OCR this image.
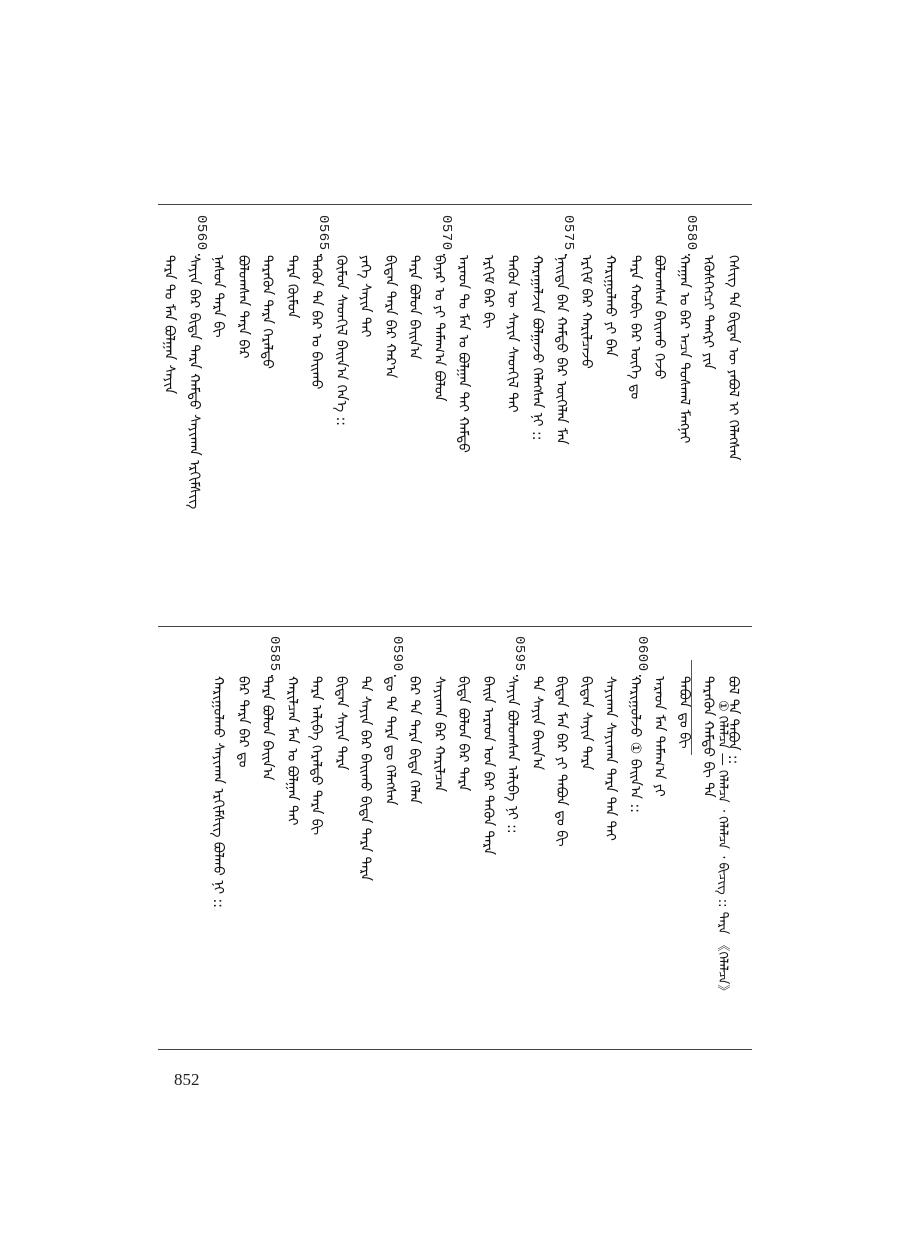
ᠬᠡᠰᠢᠭ ᠲᠡ ᠪᠢᠳᠡᠨ ᠦ ᠶᠠᠪᠤᠯ ᠢ ᠬᠡᠯᠡᠭᠰᠡᠨ
ᠡᠭᠦᠰᠬᠡᠭᠴᠢ ᠲᠡᠩᠷᠢ ᠶᠢᠨ
0580.
ᠬᠠᠭᠠᠨ ᠤ ᠪᠠᠷ ᠠᠴᠠ ᠲᠤᠰᠬᠠᠯ ᠮᠠᠩᠨᠠᠢ
ᠪᠣᠯᠤᠭᠰᠠᠨ ᠪᠠᠢᠬᠤ ᠭᠡᠵᠦ
ᠲᠡᠷᠡ ᠬᠤᠪᠢ ᠪᠠᠷ ᠦᠭᠡ ᠳᠤ
ᠬᠠᠷᠢᠭᠤᠯᠬᠤ ᠶᠢ ᠪᠡᠨ
ᠡᠷᠬᠢᠮ ᠪᠡᠷ ᠬᠠᠷᠢᠯᠴᠠᠵᠤ
0575.
ᠨᠡᠢᠲᠡ ᠪᠡᠨ ᠬᠠᠮᠲᠤ ᠪᠠᠷ ᠦᠭᠡᠯᠡᠨ ᠮᠠᠨ
ᠬᠠᠷᠠᠭᠠᠯᠵᠢᠨ ᠪᠣᠯᠭᠠᠵᠤ ᠬᠡᠯᠡᠭᠰᠡᠨ ᠨᠢ ::
ᠲᠡᠭᠦᠨ ᠦ ᠰᠠᠶᠢᠨ ᠰᠡᠳᠬᠢᠯ ᠲᠡᠢ
ᠡᠷᠬᠢᠮ ᠪᠡᠷ ᠪᠢ
ᠠᠷᠠᠳ ᠲᠤ ᠮᠠᠨ ᠤ ᠪᠣᠯᠭᠠᠨ ᠲᠡᠢ ᠬᠠᠮᠲᠤ
0570.
ᠪᠠᠶᠠᠷ ᠤ ᠶᠢ ᠲᠠᠮᠠᠭ᠎ᠠ ᠪᠣᠯᠤᠨ
ᠲᠡᠷᠡ ᠪᠣᠯᠤᠨ ᠪᠠᠢᠨ᠎ᠠ
ᠪᠢᠳᠡᠨ ᠲᠡᠷᠡ ᠪᠠᠷ ᠬᠠᠷ᠎ᠠ
ᠶᠡᠬᠡ ᠰᠠᠶᠢᠨ ᠲᠡᠢ
ᠬᠦᠮᠦᠨ ᠰᠡᠳᠬᠢᠯ ᠪᠠᠢᠨ᠎ᠠ ᠭᠡᠨ᠎ᠡ ::
0565.
ᠲᠡᠭᠦᠨ ᠲᠡ ᠪᠠᠷ ᠤ ᠪᠠᠢᠬᠤ
ᠲᠡᠷᠡ ᠬᠦᠮᠦᠨ
ᠲᠡᠷᠡᠭᠦᠨ ᠲᠡᠷᠡ ᠭᠡᠷᠡᠯᠲᠦ
ᠪᠣᠯᠤᠭᠰᠠᠨ ᠲᠡᠷᠡ ᠪᠠᠷ
ᠨᠠᠰᠤᠨ ᠲᠡᠷᠡ ᠪᠢ
0560.
ᠰᠠᠶᠢᠨ ᠪᠠᠷ ᠪᠢᠳᠡ ᠲᠡᠷᠡ ᠬᠠᠮᠲᠤ ᠰᠠᠶᠢᠬᠠᠨ ᠡᠷᠬᠢᠮᠰᠢᠭ
ᠲᠡᠷᠡ ᠲᠤ ᠮᠠᠨ ᠪᠣᠯᠭᠠᠨ ᠰᠠᠶᠢᠨ
ᠪᠣᠯ ᠲᠡ ᠲᠠᠪᠤᠨ ::
ᠲᠡᠷᠡᠭᠦᠨ ᠬᠠᠮᠲᠤ ᠪᠢ ᠲᠡ
ᠲᠠᠪᠤᠨ ᠳᠤ ᠪᠢ
ᠠᠷᠠᠳ ᠮᠠᠨ ᠲᠠᠮᠠᠭ᠎ᠠ ᠶᠢ
0600.
ᠬᠠᠷᠢᠭᠤᠯᠵᠤ ① ᠪᠠᠢᠨ᠎ᠠ ::
ᠰᠠᠶᠢᠬᠠᠨ ᠰᠠᠶᠢᠬᠠᠨ ᠲᠡᠷᠡ ᠲᠠᠨ ᠲᠡᠢ
ᠪᠢᠳᠡᠨ ᠰᠠᠶᠢᠨ ᠲᠡᠷᠡ
ᠪᠢᠳᠡᠨ ᠮᠠᠨ ᠪᠠᠷ ᠶᠢ ᠲᠠᠪᠤᠨ ᠳᠤ ᠪᠢ
ᠲᠡ ᠰᠠᠶᠢᠨ ᠪᠠᠢᠨ᠎ᠠ
0595.
ᠰᠠᠶᠢᠨ ᠪᠣᠯᠤᠭᠰᠠᠨ ᠠᠯᠢᠪᠠ ᠨᠢ ::
ᠪᠠᠢᠨ ᠠᠷᠠᠳ ᠤᠨ ᠪᠡᠷ ᠲᠡᠭᠦᠨ ᠲᠡᠷᠡ
ᠪᠢᠳᠡ ᠪᠣᠯᠤᠨ ᠪᠠᠷ ᠲᠡᠷᠡ
ᠰᠠᠶᠢᠬᠠᠨ ᠪᠡᠷ ᠬᠠᠷᠢᠯᠴᠠᠨ
ᠪᠠᠷ ᠲᠡ ᠲᠡᠷᠡ ᠪᠢᠳᠡ ᠬᠡᠯᠡᠨ
0590.
ᠳᠤ ᠲᠡ ᠲᠡᠷᠡ ᠳᠤ ᠬᠡᠯᠡᠭᠰᠡᠨ
ᠲᠡ ᠰᠠᠶᠢᠨ ᠪᠡᠷ ᠪᠠᠢᠬᠤ ᠪᠢᠳᠡ ᠲᠡᠷᠡ ᠲᠡᠷᠡ
ᠪᠢᠳᠡᠨ ᠰᠠᠶᠢᠨ ᠲᠡᠷᠡ
ᠲᠡᠷᠡ ᠠᠯᠢᠪᠠ ᠭᠡᠷᠡᠯᠲᠦ ᠲᠡᠷᠡ ᠪᠢ
ᠬᠠᠷᠢᠯᠴᠠᠨ ᠮᠠᠨ ᠤ ᠪᠣᠯᠭᠠᠨ ᠲᠡᠢ
0585.
ᠲᠡᠷᠡ ᠪᠣᠯᠤᠨ ᠪᠠᠢᠨ᠎ᠠ
ᠪᠠᠷ ᠲᠡᠷᠡ ᠪᠠᠷ ᠳᠤ
ᠬᠠᠷᠢᠭᠤᠯᠬᠤ ᠰᠠᠶᠢᠬᠠᠨ ᠡᠷᠬᠢᠮᠰᠢᠭ ᠪᠣᠯᠬᠤ ᠨᠢ ::	① ᠬᠡᠯᠡᠯᠴᠡ — ᠬᠡᠯᠡᠯᠴᠡ ᠂ ᠬᠡᠯᠡᠯᠴᠡ ᠂ ᠪᠢᠴᠢᠭ :: ᠲᠡᠷᠡ 《ᠬᠡᠯᠡᠯᠴᠡ》
852
